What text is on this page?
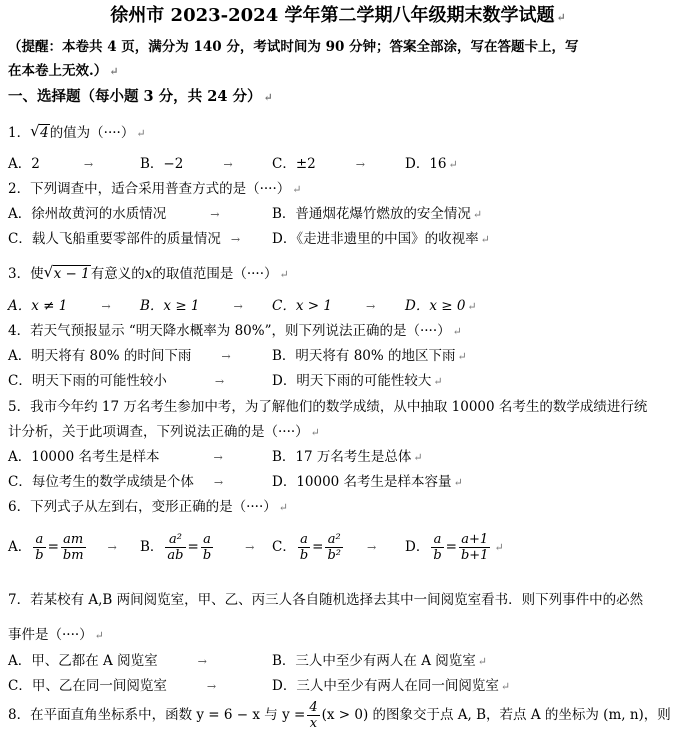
徐州市 2023-2024 学年第二学期八年级期末数学试题 ↵
（提醒：本卷共 4 页，满分为 140 分，考试时间为 90 分钟；答案全部涂，写在答题卡上，写
在本卷上无效.） ↵
一、选择题（每小题 3 分，共 24 分） ↵
1． √ 4的值为（····） ↵
A．2	→	B．−2	→	C．±2	→	D．16 ↵
2．下列调查中，适合采用普查方式的是（····） ↵
A．徐州故黄河的水质情况	→	B．普通烟花爆竹燃放的安全情况 ↵
C．载人飞船重要零部件的质量情况 → D．《走进非遗里的中国》的收视率 ↵
3．使 √ x − 1有意义的x的取值范围是（····） ↵
A．x ≠ 1	→ B．x ≥ 1	→ C．x > 1	→ D．x ≥ 0 ↵
4．若天气预报显示 “明天降水概率为 80%”，则下列说法正确的是（····） ↵
A．明天将有 80% 的时间下雨	→	B．明天将有 80% 的地区下雨 ↵
C．明天下雨的可能性较小	→	D．明天下雨的可能性较大 ↵
5．我市今年约 17 万名考生参加中考，为了解他们的数学成绩，从中抽取 10000 名考生的数学成绩进行统
计分析，关于此项调查，下列说法正确的是（····） ↵
A．10000 名考生是样本	→	B．17 万名考生是总体 ↵
C．每位考生的数学成绩是个体 →	D．10000 名考生是样本容量 ↵
6．下列式子从左到右，变形正确的是（····） ↵
A． $\frac{a}{b} = \frac{am}{bm} \to B$． $\frac{\text{a²}}{ab} = \frac{a}{b}$	→ C． $\frac{a}{b} = \frac{\text{a²}}{\text{b²}} \to D$． $\frac{a}{b} = \frac{a+1}{b+1}$ ↵
7．若某校有 A,B 两间阅览室，甲、乙、丙三人各自随机选择去其中一间阅览室看书．则下列事件中的必然
事件是（····） ↵
A．甲、乙都在 A 阅览室	→	B．三人中至少有两人在 A 阅览室 ↵
C．甲、乙在同一间阅览室	→	D．三人中至少有两人在同一间阅览室 ↵
8．在平面直角坐标系中，函数 y = 6 − x 与 $y = \frac{4}{x} (x > 0)$ 的图象交于点 A, B，若点 A 的坐标为 (m, n)，则
